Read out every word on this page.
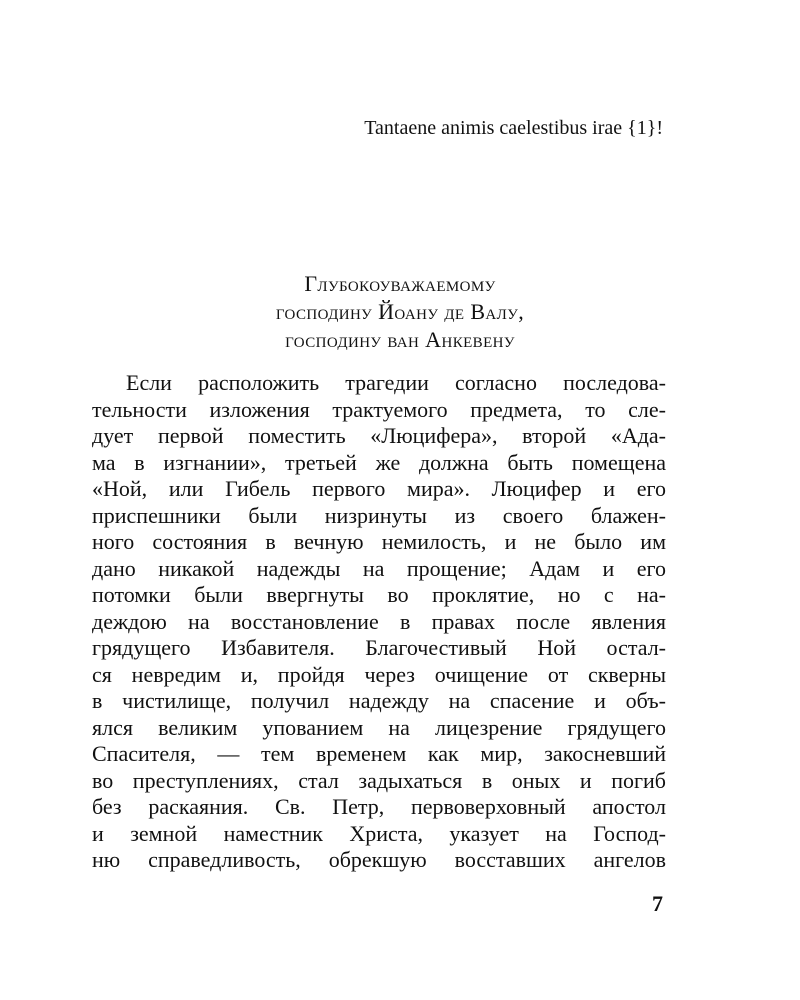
Tantaene animis caelestibus irae {1}!
Глубокоуважаемому
господину Йоану де Валу,
господину ван Анкевену
Если расположить трагедии согласно последова-
тельности изложения трактуемого предмета, то сле-
дует первой поместить «Люцифера», второй «Ада-
ма в изгнании», третьей же должна быть помещена
«Ной, или Гибель первого мира». Люцифер и его
приспешники были низринуты из своего блажен-
ного состояния в вечную немилость, и не было им
дано никакой надежды на прощение; Адам и его
потомки были ввергнуты во проклятие, но с на-
деждою на восстановление в правах после явления
грядущего Избавителя. Благочестивый Ной остал-
ся невредим и, пройдя через очищение от скверны
в чистилище, получил надежду на спасение и объ-
ялся великим упованием на лицезрение грядущего
Спасителя, — тем временем как мир, закосневший
во преступлениях, стал задыхаться в оных и погиб
без раскаяния. Св. Петр, первоверховный апостол
и земной наместник Христа, указует на Господ-
ню справедливость, обрекшую восставших ангелов
7
